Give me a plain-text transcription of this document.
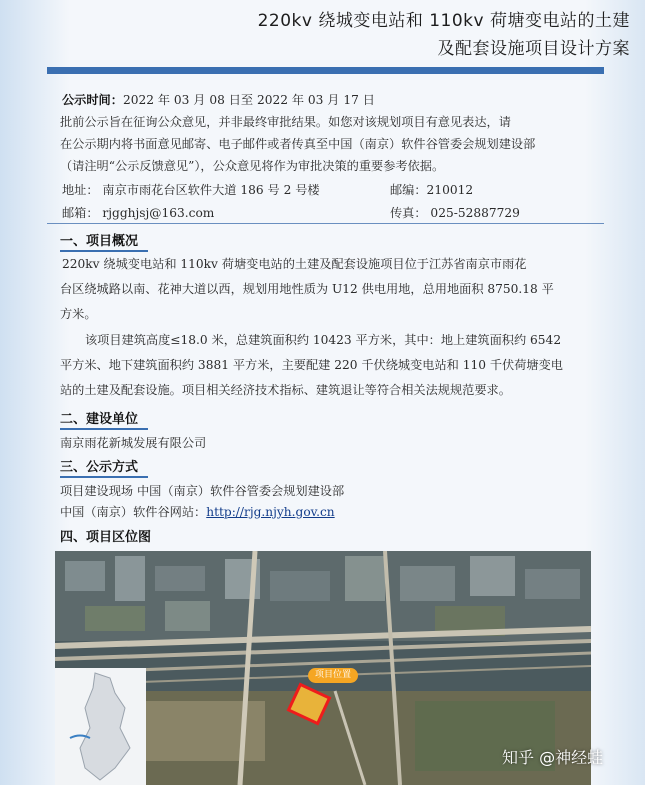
220kv 绕城变电站和 110kv 荷塘变电站的土建
及配套设施项目设计方案
公示时间：2022 年 03 月 08 日至 2022 年 03 月 17 日
批前公示旨在征询公众意见，并非最终审批结果。如您对该规划项目有意见表达，请
在公示期内将书面意见邮寄、电子邮件或者传真至中国（南京）软件谷管委会规划建设部
（请注明“公示反馈意见”），公众意见将作为审批决策的重要参考依据。
地址： 南京市雨花台区软件大道 186 号 2 号楼	邮编：210012
邮箱： rjgghjsj@163.com	传真： 025-52887729
一、项目概况
220kv 绕城变电站和 110kv 荷塘变电站的土建及配套设施项目位于江苏省南京市雨花
台区绕城路以南、花神大道以西，规划用地性质为 U12 供电用地，总用地面积 8750.18 平
方米。
该项目建筑高度≤18.0 米，总建筑面积约 10423 平方米，其中：地上建筑面积约 6542
平方米、地下建筑面积约 3881 平方米，主要配建 220 千伏绕城变电站和 110 千伏荷塘变电
站的土建及配套设施。项目相关经济技术指标、建筑退让等符合相关法规规范要求。
二、建设单位
南京雨花新城发展有限公司
三、公示方式
项目建设现场 中国（南京）软件谷管委会规划建设部
中国（南京）软件谷网站：http://rjg.njyh.gov.cn
四、项目区位图
项目位置
知乎 @神经蛙
